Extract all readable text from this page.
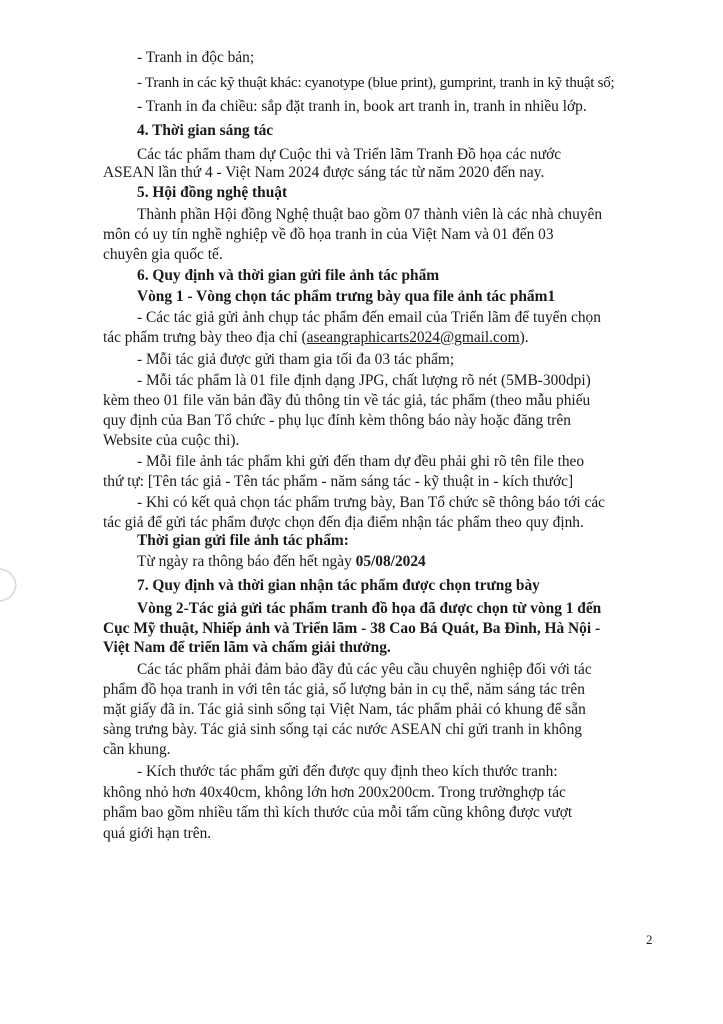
- Tranh in độc bản;
- Tranh in các kỹ thuật khác: cyanotype (blue print), gumprint, tranh in kỹ thuật số;
- Tranh in đa chiều: sắp đặt tranh in, book art tranh in, tranh in nhiều lớp.
4. Thời gian sáng tác
Các tác phẩm tham dự Cuộc thi và Triển lãm Tranh Đồ họa các nước
ASEAN lần thứ 4 - Việt Nam 2024 được sáng tác từ năm 2020 đến nay.
5. Hội đồng nghệ thuật
Thành phần Hội đồng Nghệ thuật bao gồm 07 thành viên là các nhà chuyên
môn có uy tín nghề nghiệp về đồ họa tranh in của Việt Nam và 01 đến 03
chuyên gia quốc tế.
6. Quy định và thời gian gửi file ảnh tác phẩm
Vòng 1 - Vòng chọn tác phẩm trưng bày qua file ảnh tác phẩm1
- Các tác giả gửi ảnh chụp tác phẩm đến email của Triển lãm để tuyển chọn
tác phẩm trưng bày theo địa chỉ (aseangraphicarts2024@gmail.com).
- Mỗi tác giả được gửi tham gia tối đa 03 tác phẩm;
- Mỗi tác phẩm là 01 file định dạng JPG, chất lượng rõ nét (5MB-300dpi)
kèm theo 01 file văn bản đầy đủ thông tin về tác giả, tác phẩm (theo mẫu phiếu
quy định của Ban Tổ chức - phụ lục đính kèm thông báo này hoặc đăng trên
Website của cuộc thi).
- Mỗi file ảnh tác phẩm khi gửi đến tham dự đều phải ghi rõ tên file theo
thứ tự: [Tên tác giả - Tên tác phẩm - năm sáng tác - kỹ thuật in - kích thước]
- Khi có kết quả chọn tác phẩm trưng bày, Ban Tổ chức sẽ thông báo tới các
tác giả để gửi tác phẩm được chọn đến địa điểm nhận tác phẩm theo quy định.
Thời gian gửi file ảnh tác phẩm:
Từ ngày ra thông báo đến hết ngày 05/08/2024
7. Quy định và thời gian nhận tác phẩm được chọn trưng bày
Vòng 2-Tác giả gửi tác phẩm tranh đồ họa đã được chọn từ vòng 1 đến
Cục Mỹ thuật, Nhiếp ảnh và Triển lãm - 38 Cao Bá Quát, Ba Đình, Hà Nội -
Việt Nam để triển lãm và chấm giải thưởng.
Các tác phẩm phải đảm bảo đầy đủ các yêu cầu chuyên nghiệp đối với tác
phẩm đồ họa tranh in với tên tác giả, số lượng bản in cụ thể, năm sáng tác trên
mặt giấy đã in. Tác giả sinh sống tại Việt Nam, tác phẩm phải có khung để sẵn
sàng trưng bày. Tác giả sinh sống tại các nước ASEAN chỉ gửi tranh in không
cần khung.
- Kích thước tác phẩm gửi đến được quy định theo kích thước tranh:
không nhỏ hơn 40x40cm, không lớn hơn 200x200cm. Trong trườnghợp tác
phẩm bao gồm nhiều tấm thì kích thước của mỗi tấm cũng không được vượt
quá giới hạn trên.
2
